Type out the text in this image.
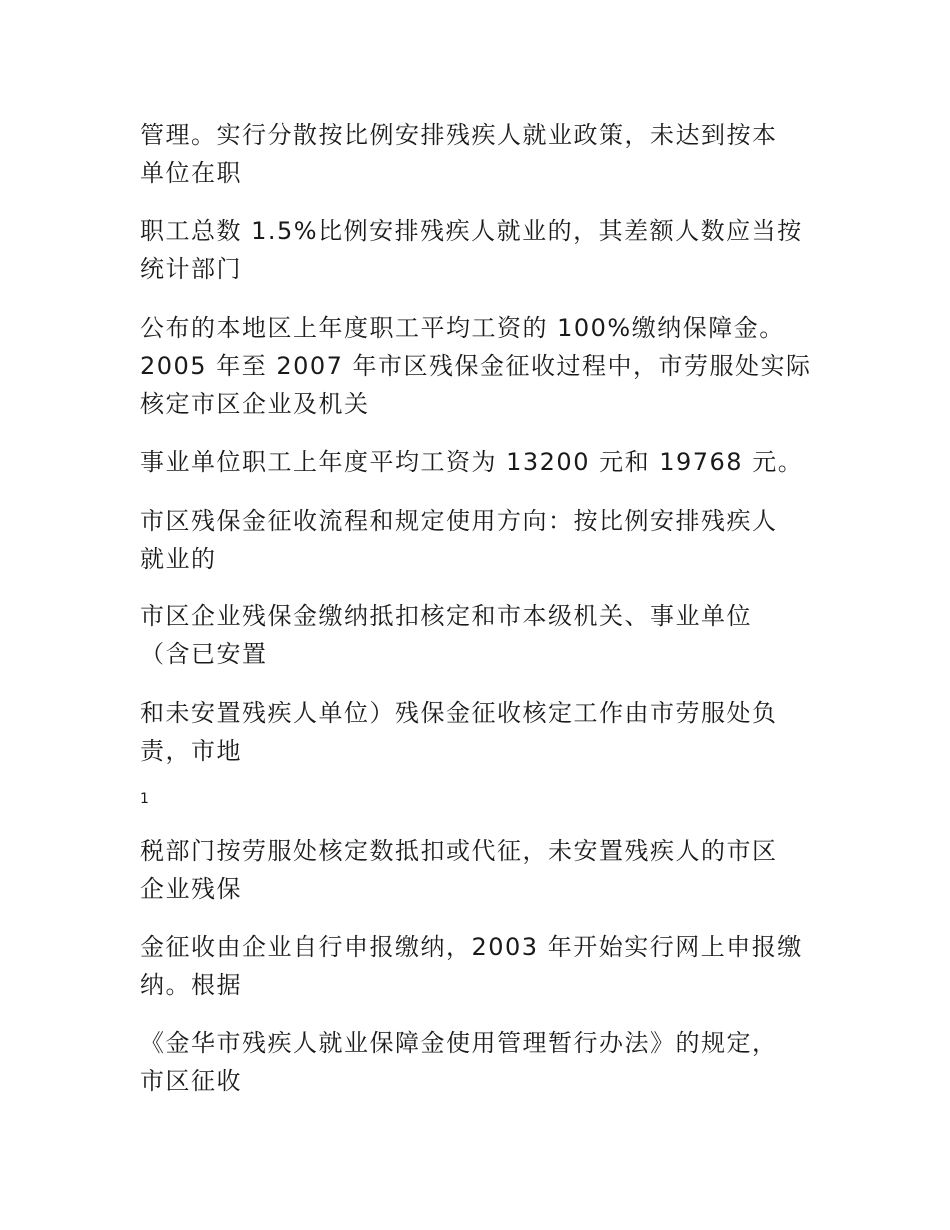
管理。实行分散按比例安排残疾人就业政策，未达到按本
单位在职

职工总数 1.5%比例安排残疾人就业的，其差额人数应当按
统计部门

公布的本地区上年度职工平均工资的 100%缴纳保障金。
2005 年至 2007 年市区残保金征收过程中，市劳服处实际
核定市区企业及机关

事业单位职工上年度平均工资为 13200 元和 19768 元。

市区残保金征收流程和规定使用方向：按比例安排残疾人
就业的

市区企业残保金缴纳抵扣核定和市本级机关、事业单位
（含已安置

和未安置残疾人单位）残保金征收核定工作由市劳服处负
责，市地

1

税部门按劳服处核定数抵扣或代征，未安置残疾人的市区
企业残保

金征收由企业自行申报缴纳，2003 年开始实行网上申报缴
纳。根据

《金华市残疾人就业保障金使用管理暂行办法》的规定，
市区征收
